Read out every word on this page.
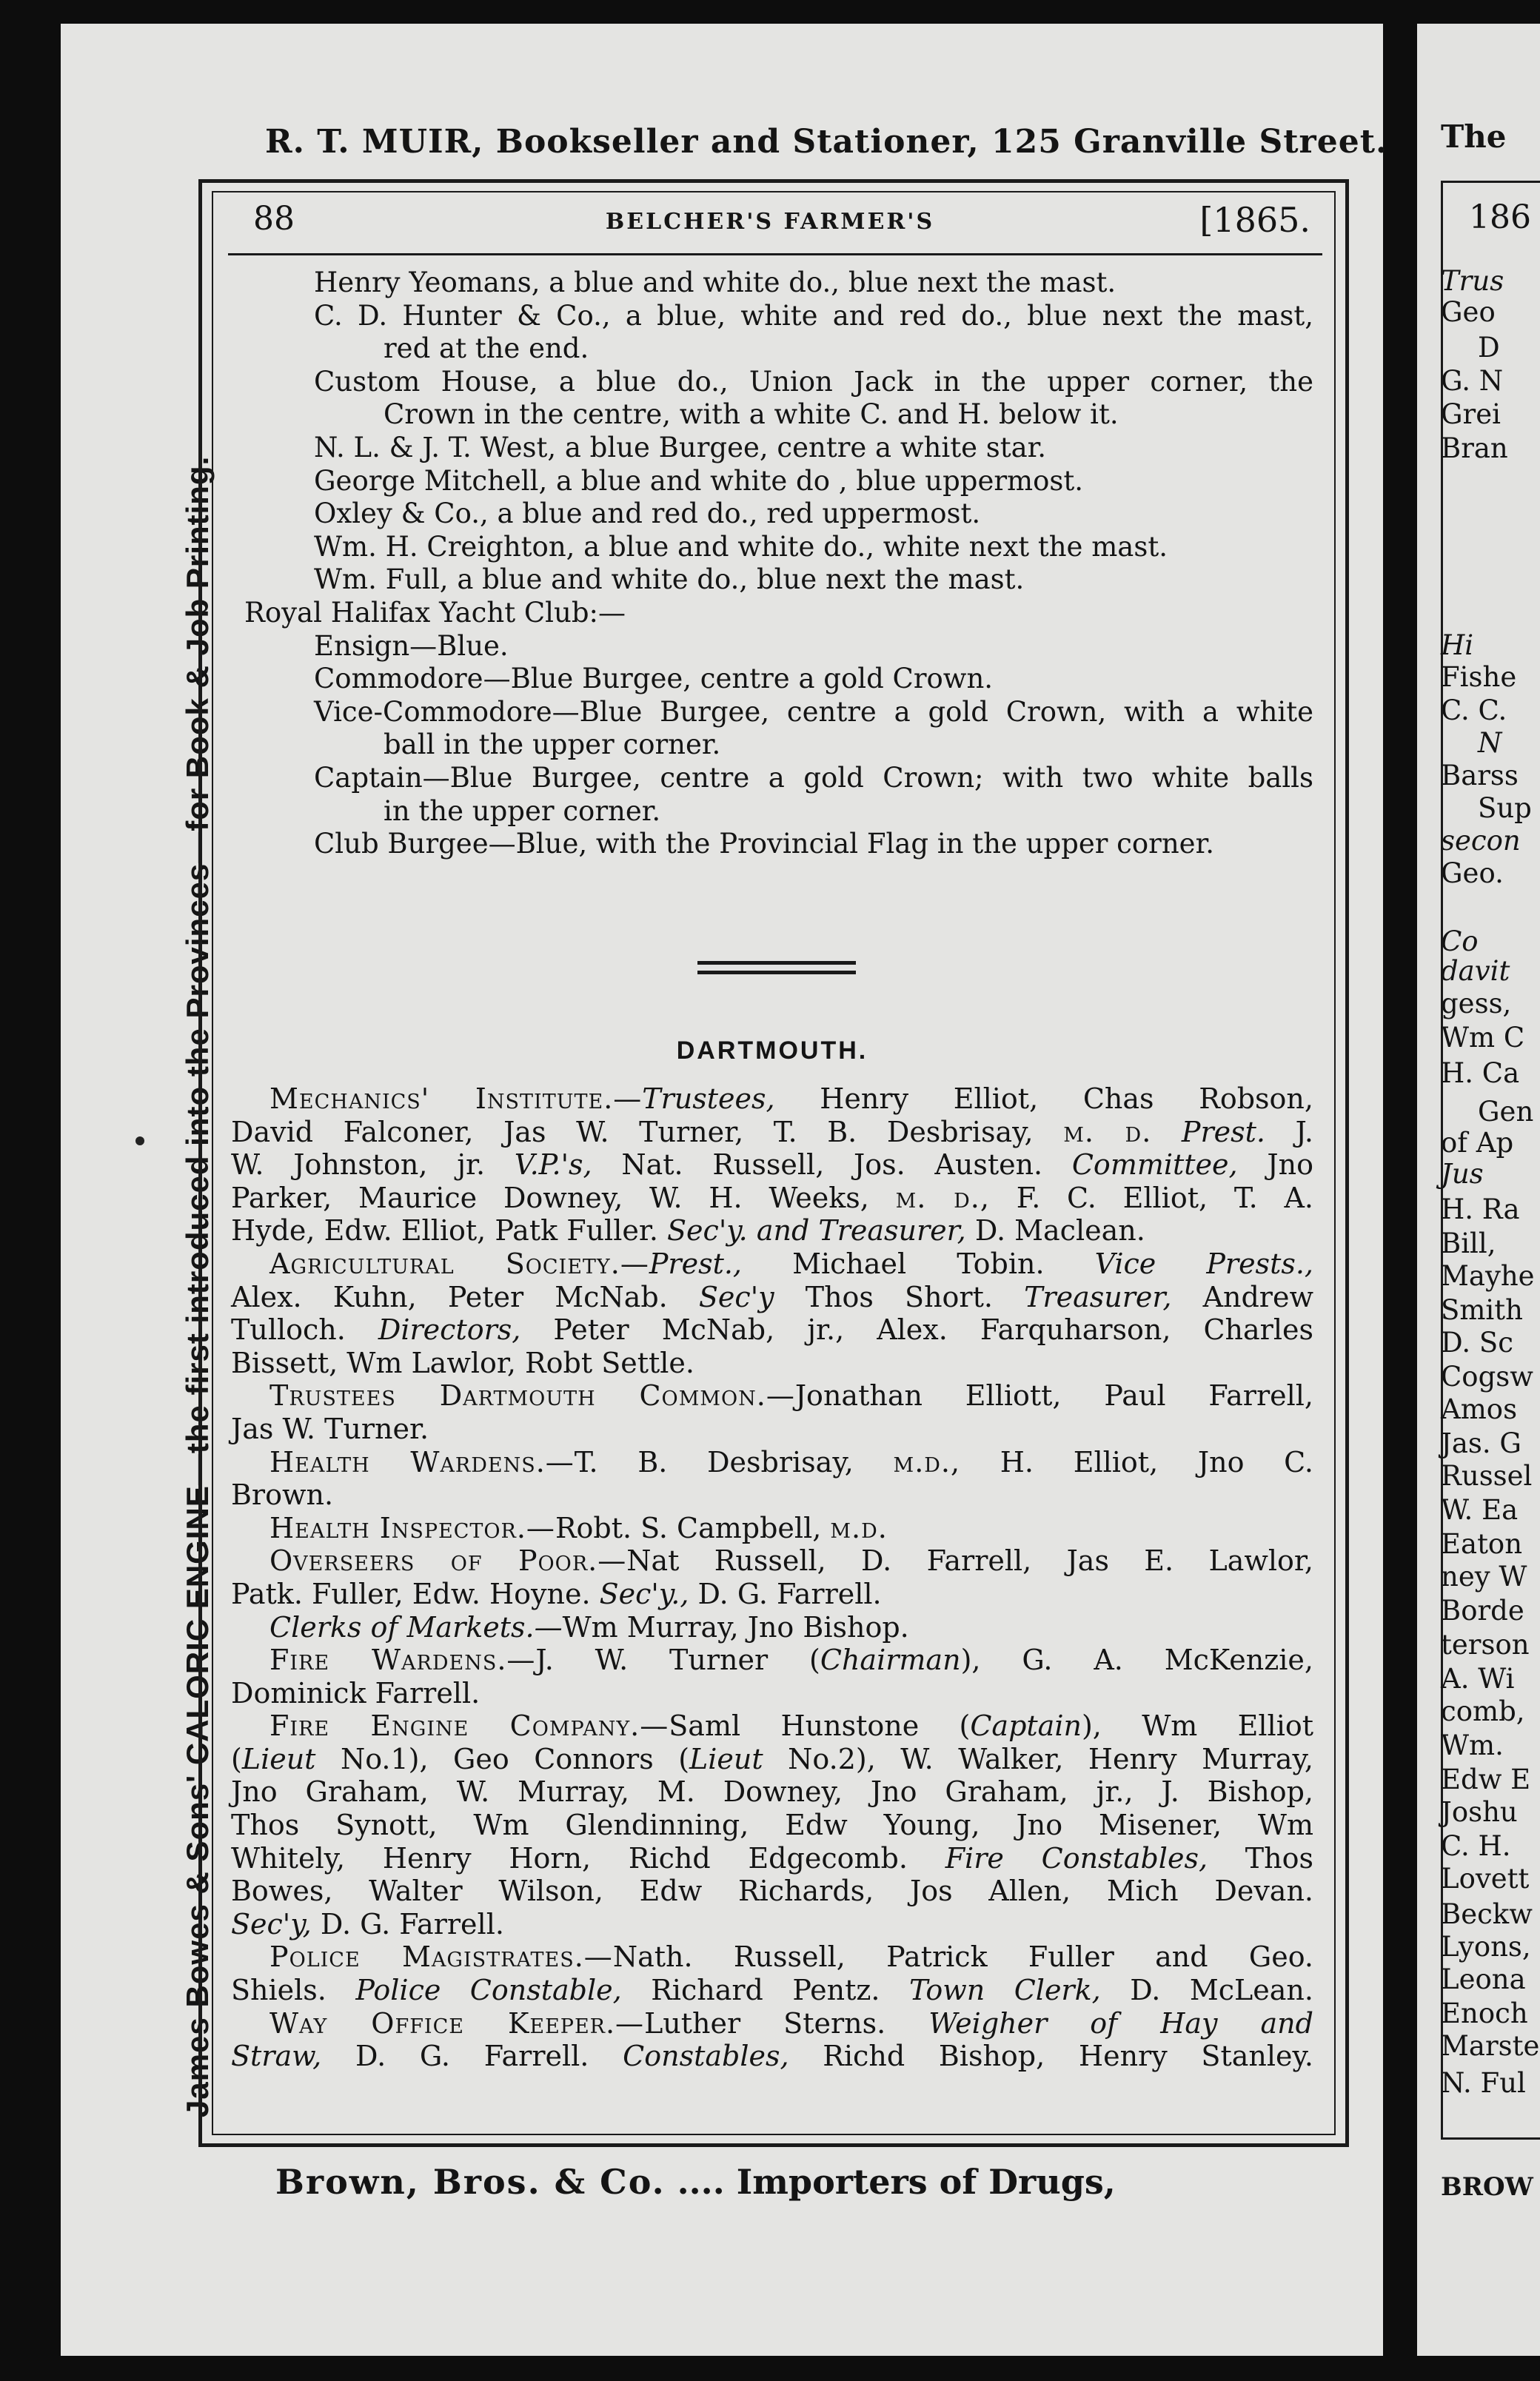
R. T. MUIR, Bookseller and Stationer, 125 Granville Street.
James Bowes & Sons' CALORIC ENGINE—the first introduced into the Provinces—for Book & Job Printing.
88	BELCHER'S FARMER'S	[1865.
Henry Yeomans, a blue and white do., blue next the mast.
C. D. Hunter & Co., a blue, white and red do., blue next the mast,
red at the end.
Custom House, a blue do., Union Jack in the upper corner, the
Crown in the centre, with a white C. and H. below it.
N. L. & J. T. West, a blue Burgee, centre a white star.
George Mitchell, a blue and white do , blue uppermost.
Oxley & Co., a blue and red do., red uppermost.
Wm. H. Creighton, a blue and white do., white next the mast.
Wm. Full, a blue and white do., blue next the mast.
Royal Halifax Yacht Club:—
Ensign—Blue.
Commodore—Blue Burgee, centre a gold Crown.
Vice-Commodore—Blue Burgee, centre a gold Crown, with a white
ball in the upper corner.
Captain—Blue Burgee, centre a gold Crown; with two white balls
in the upper corner.
Club Burgee—Blue, with the Provincial Flag in the upper corner.
DARTMOUTH.
Mechanics' Institute.—Trustees, Henry Elliot, Chas Robson,
David Falconer, Jas W. Turner, T. B. Desbrisay, m. d. Prest. J.
W. Johnston, jr. V.P.'s, Nat. Russell, Jos. Austen. Committee, Jno
Parker, Maurice Downey, W. H. Weeks, m. d., F. C. Elliot, T. A.
Hyde, Edw. Elliot, Patk Fuller. Sec'y. and Treasurer, D. Maclean.
Agricultural Society.—Prest., Michael Tobin. Vice Prests.,
Alex. Kuhn, Peter McNab. Sec'y Thos Short. Treasurer, Andrew
Tulloch. Directors, Peter McNab, jr., Alex. Farquharson, Charles
Bissett, Wm Lawlor, Robt Settle.
Trustees Dartmouth Common.—Jonathan Elliott, Paul Farrell,
Jas W. Turner.
Health Wardens.—T. B. Desbrisay, m.d., H. Elliot, Jno C.
Brown.
Health Inspector.—Robt. S. Campbell, m.d.
Overseers of Poor.—Nat Russell, D. Farrell, Jas E. Lawlor,
Patk. Fuller, Edw. Hoyne. Sec'y., D. G. Farrell.
Clerks of Markets.—Wm Murray, Jno Bishop.
Fire Wardens.—J. W. Turner (Chairman), G. A. McKenzie,
Dominick Farrell.
Fire Engine Company.—Saml Hunstone (Captain), Wm Elliot
(Lieut No.1), Geo Connors (Lieut No.2), W. Walker, Henry Murray,
Jno Graham, W. Murray, M. Downey, Jno Graham, jr., J. Bishop,
Thos Synott, Wm Glendinning, Edw Young, Jno Misener, Wm
Whitely, Henry Horn, Richd Edgecomb. Fire Constables, Thos
Bowes, Walter Wilson, Edw Richards, Jos Allen, Mich Devan.
Sec'y, D. G. Farrell.
Police Magistrates.—Nath. Russell, Patrick Fuller and Geo.
Shiels. Police Constable, Richard Pentz. Town Clerk, D. McLean.
Way Office Keeper.—Luther Sterns. Weigher of Hay and
Straw, D. G. Farrell. Constables, Richd Bishop, Henry Stanley.
Brown, Bros. & Co. .... Importers of Drugs,
The
186
Trus
Geo
D
G. N
Grei
Bran
Hi
Fishe
C. C.
N
Barss
Sup
secon
Geo.
Co
davit
gess,
Wm C
H. Ca
Gen
of Ap
Jus
H. Ra
Bill,
Mayhe
Smith
D. Sc
Cogsw
Amos
Jas. G
Russel
W. Ea
Eaton
ney W
Borde
terson
A. Wi
comb,
Wm.
Edw E
Joshu
C. H.
Lovett
Beckw
Lyons,
Leona
Enoch
Marste
N. Ful
BROW
